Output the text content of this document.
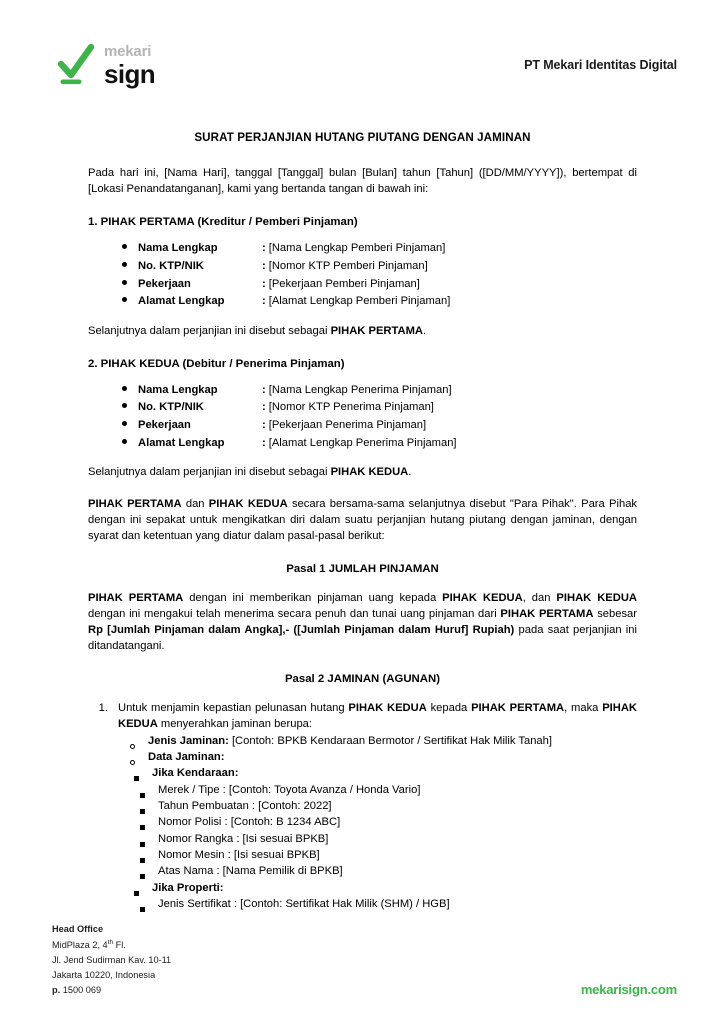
mekari
sign	PT Mekari Identitas Digital
SURAT PERJANJIAN HUTANG PIUTANG DENGAN JAMINAN

Pada hari ini, [Nama Hari], tanggal [Tanggal] bulan [Bulan] tahun [Tahun] ([DD/MM/YYYY]), bertempat di [Lokasi Penandatanganan], kami yang bertanda tangan di bawah ini:

1. PIHAK PERTAMA (Kreditur / Pemberi Pinjaman)
Nama Lengkap	: [Nama Lengkap Pemberi Pinjaman]
No. KTP/NIK	: [Nomor KTP Pemberi Pinjaman]
Pekerjaan	: [Pekerjaan Pemberi Pinjaman]
Alamat Lengkap	: [Alamat Lengkap Pemberi Pinjaman]

Selanjutnya dalam perjanjian ini disebut sebagai PIHAK PERTAMA.

2. PIHAK KEDUA (Debitur / Penerima Pinjaman)
Nama Lengkap	: [Nama Lengkap Penerima Pinjaman]
No. KTP/NIK	: [Nomor KTP Penerima Pinjaman]
Pekerjaan	: [Pekerjaan Penerima Pinjaman]
Alamat Lengkap	: [Alamat Lengkap Penerima Pinjaman]

Selanjutnya dalam perjanjian ini disebut sebagai PIHAK KEDUA.

PIHAK PERTAMA dan PIHAK KEDUA secara bersama-sama selanjutnya disebut "Para Pihak". Para Pihak dengan ini sepakat untuk mengikatkan diri dalam suatu perjanjian hutang piutang dengan jaminan, dengan syarat dan ketentuan yang diatur dalam pasal-pasal berikut:

Pasal 1 JUMLAH PINJAMAN

PIHAK PERTAMA dengan ini memberikan pinjaman uang kepada PIHAK KEDUA, dan PIHAK KEDUA dengan ini mengakui telah menerima secara penuh dan tunai uang pinjaman dari PIHAK PERTAMA sebesar Rp [Jumlah Pinjaman dalam Angka],- ([Jumlah Pinjaman dalam Huruf] Rupiah) pada saat perjanjian ini ditandatangani.

Pasal 2 JAMINAN (AGUNAN)
1. Untuk menjamin kepastian pelunasan hutang PIHAK KEDUA kepada PIHAK PERTAMA, maka PIHAK KEDUA menyerahkan jaminan berupa:
Jenis Jaminan: [Contoh: BPKB Kendaraan Bermotor / Sertifikat Hak Milik Tanah]
Data Jaminan:
Jika Kendaraan:
Merek / Tipe : [Contoh: Toyota Avanza / Honda Vario]
Tahun Pembuatan : [Contoh: 2022]
Nomor Polisi : [Contoh: B 1234 ABC]
Nomor Rangka : [Isi sesuai BPKB]
Nomor Mesin : [Isi sesuai BPKB]
Atas Nama : [Nama Pemilik di BPKB]
Jika Properti:
Jenis Sertifikat : [Contoh: Sertifikat Hak Milik (SHM) / HGB]
Head Office
MidPlaza 2, 4th Fl.
Jl. Jend Sudirman Kav. 10-11
Jakarta 10220, Indonesia
p. 1500 069	mekarisign.com
